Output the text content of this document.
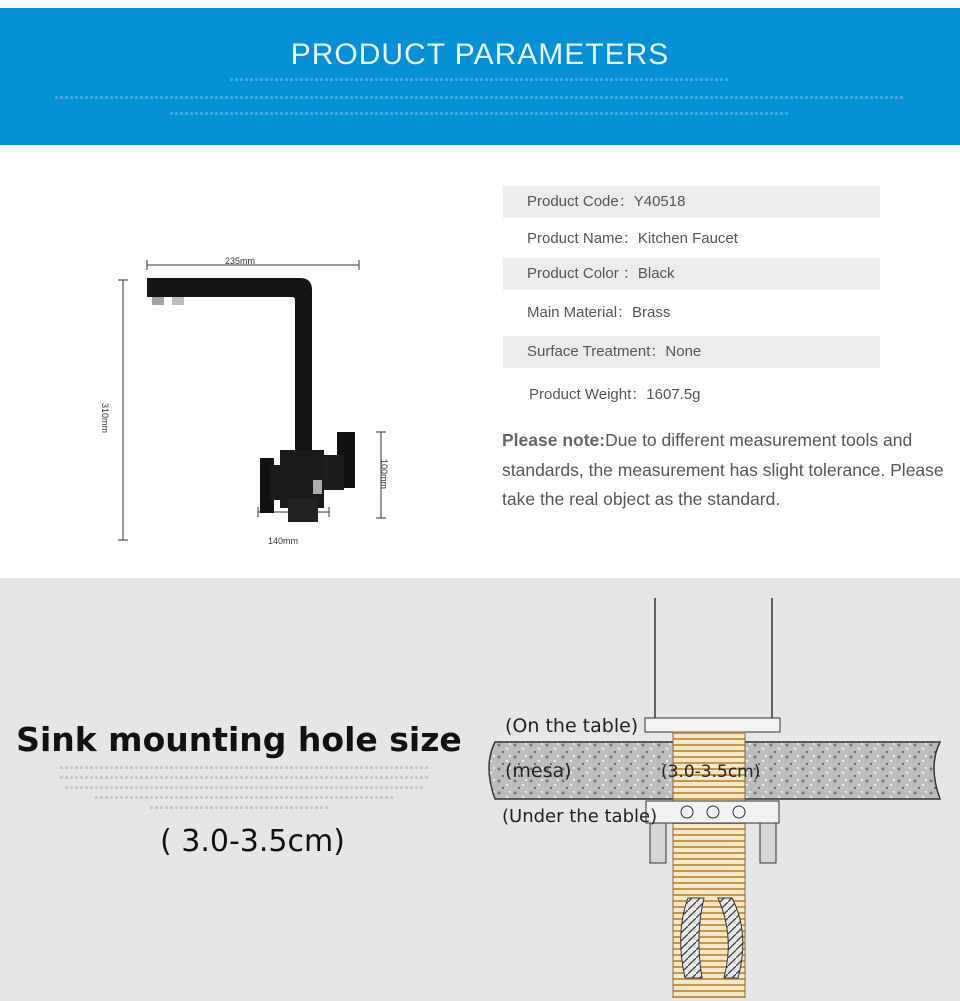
PRODUCT PARAMETERS
235mm
310mm
100mm
140mm
Product Code：Y40518
Product Name：Kitchen Faucet
Product Color ：Black
Main Material：Brass
Surface Treatment：None
Product Weight：1607.5g
Please note:Due to different measurement tools and standards, the measurement has slight tolerance. Please take the real object as the standard.
Sink mounting hole size
( 3.0-3.5cm)
(On the table)
(mesa)	(3.0-3.5cm)
(Under the table)
